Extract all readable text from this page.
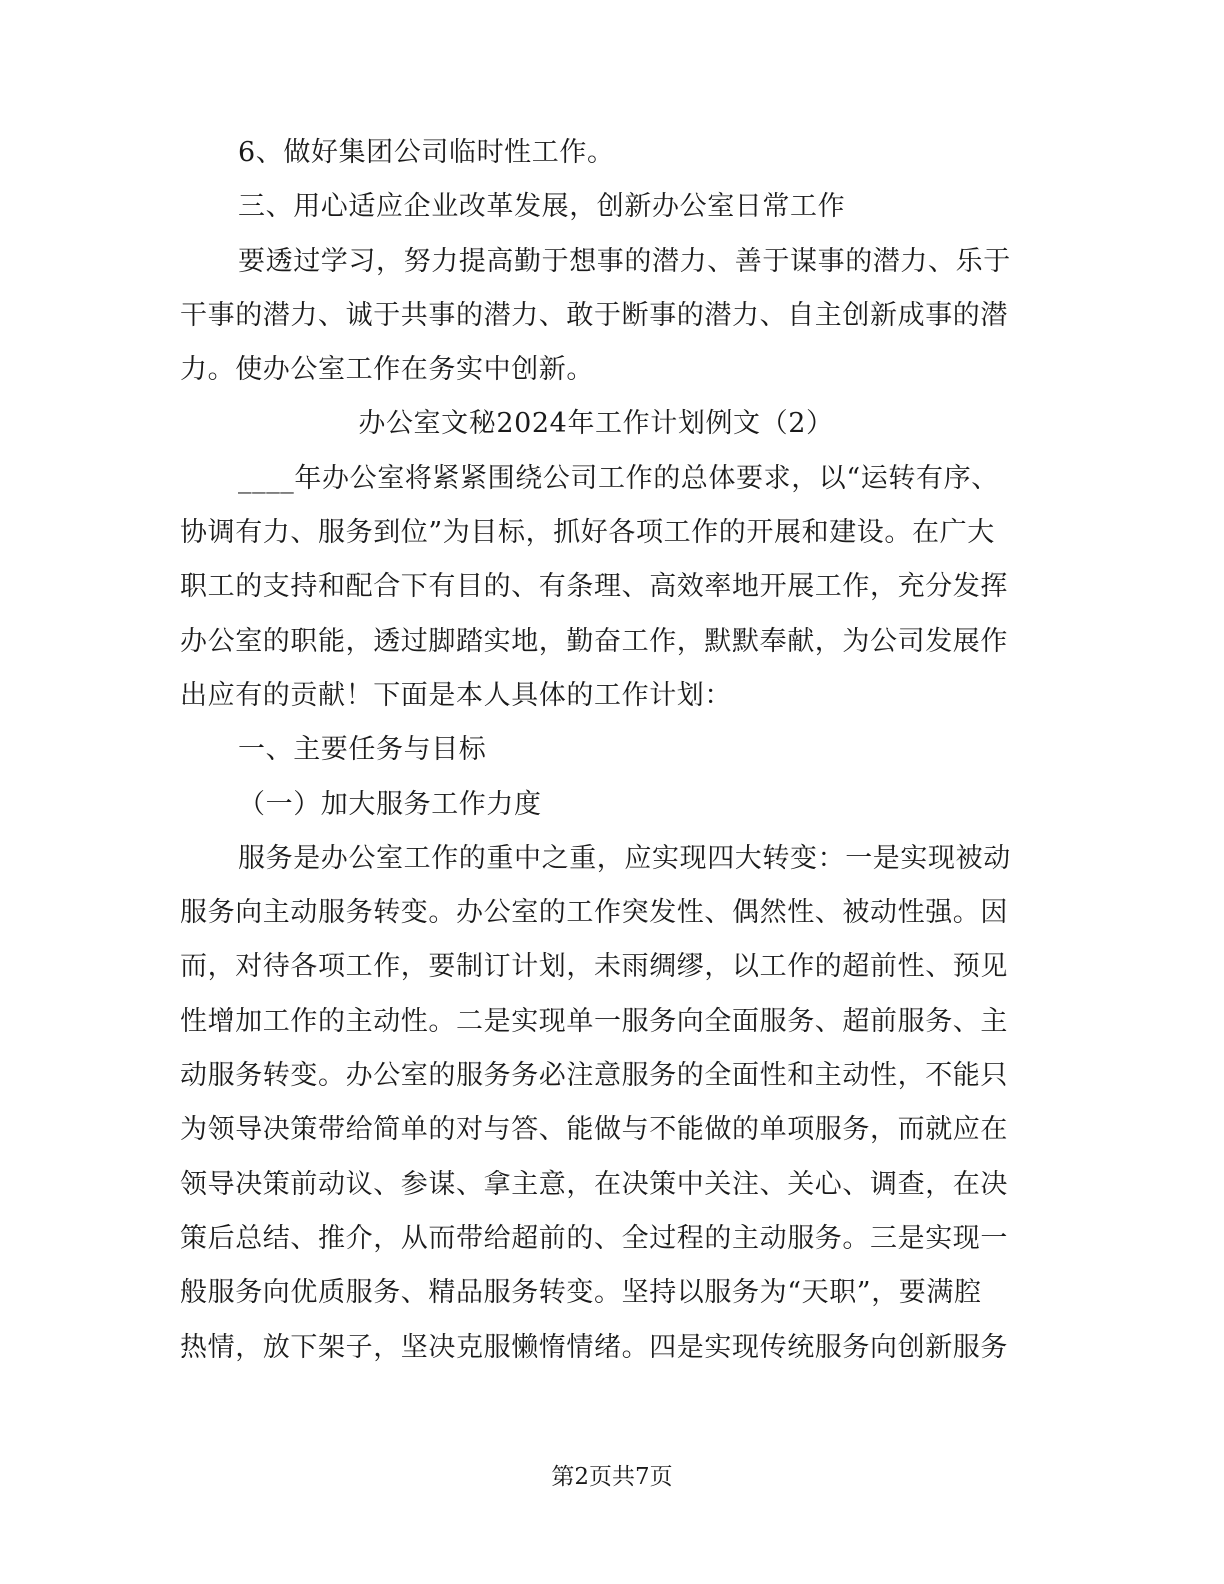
6、做好集团公司临时性工作。
三、用心适应企业改革发展，创新办公室日常工作
要透过学习，努力提高勤于想事的潜力、善于谋事的潜力、乐于
干事的潜力、诚于共事的潜力、敢于断事的潜力、自主创新成事的潜
力。使办公室工作在务实中创新。
办公室文秘2024年工作计划例文（2）
____年办公室将紧紧围绕公司工作的总体要求，以“运转有序、
协调有力、服务到位”为目标，抓好各项工作的开展和建设。在广大
职工的支持和配合下有目的、有条理、高效率地开展工作，充分发挥
办公室的职能，透过脚踏实地，勤奋工作，默默奉献，为公司发展作
出应有的贡献！下面是本人具体的工作计划：
一、主要任务与目标
（一）加大服务工作力度
服务是办公室工作的重中之重，应实现四大转变：一是实现被动
服务向主动服务转变。办公室的工作突发性、偶然性、被动性强。因
而，对待各项工作，要制订计划，未雨绸缪，以工作的超前性、预见
性增加工作的主动性。二是实现单一服务向全面服务、超前服务、主
动服务转变。办公室的服务务必注意服务的全面性和主动性，不能只
为领导决策带给简单的对与答、能做与不能做的单项服务，而就应在
领导决策前动议、参谋、拿主意，在决策中关注、关心、调查，在决
策后总结、推介，从而带给超前的、全过程的主动服务。三是实现一
般服务向优质服务、精品服务转变。坚持以服务为“天职”，要满腔
热情，放下架子，坚决克服懒惰情绪。四是实现传统服务向创新服务
第2页共7页
